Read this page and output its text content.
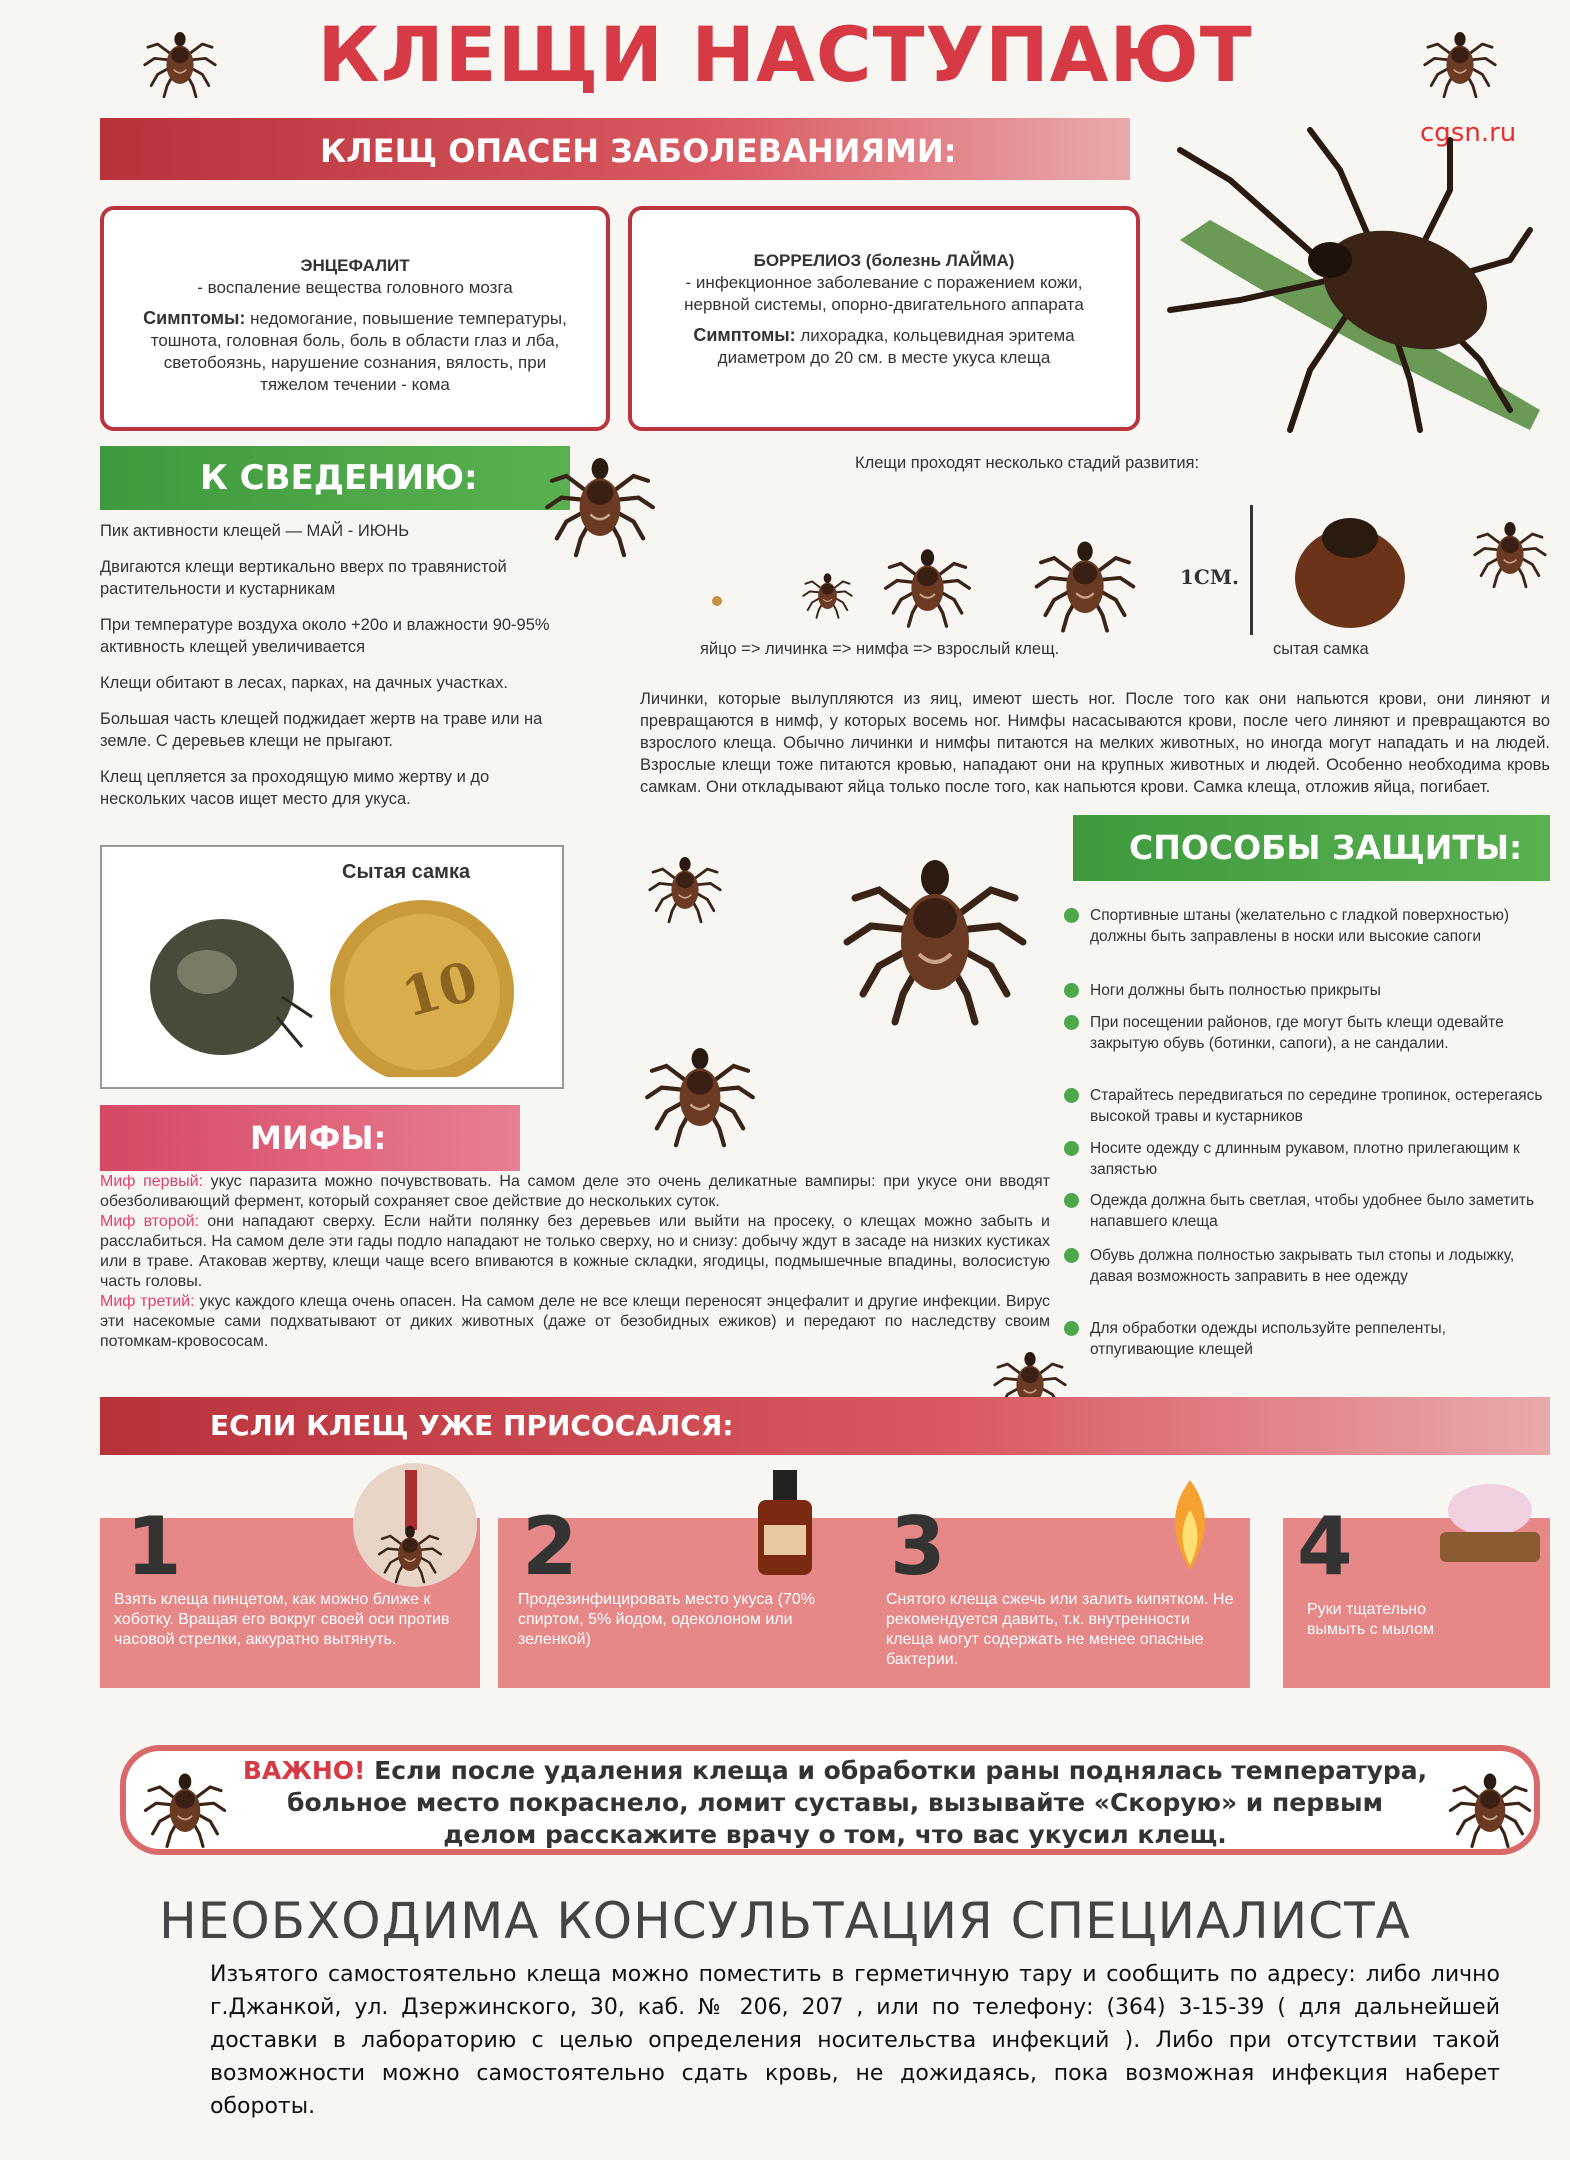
КЛЕЩИ НАСТУПАЮТ
cgsn.ru
КЛЕЩ ОПАСЕН ЗАБОЛЕВАНИЯМИ:
ЭНЦЕФАЛИТ
- воспаление вещества головного мозга
Симптомы: недомогание, повышение температуры, тошнота, головная боль, боль в области глаз и лба, светобоязнь, нарушение сознания, вялость, при тяжелом течении - кома
БОРРЕЛИОЗ (болезнь ЛАЙМА)
- инфекционное заболевание с поражением кожи, нервной системы, опорно-двигательного аппарата
Симптомы: лихорадка, кольцевидная эритема диаметром до 20 см. в месте укуса клеща
К СВЕДЕНИЮ:
Пик активности клещей — МАЙ - ИЮНЬ
Двигаются клещи вертикально вверх по травянистой растительности и кустарникам
При температуре воздуха около +20о и влажности 90-95% активность клещей увеличивается
Клещи обитают в лесах, парках, на дачных участках.
Большая часть клещей поджидает жертв на траве или на земле. С деревьев клещи не прыгают.
Клещ цепляется за проходящую мимо жертву и до нескольких часов ищет место для укуса.
Сытая самка
10
Клещи проходят несколько стадий развития:
1СМ.
яйцо => личинка => нимфа => взрослый клещ.	сытая самка
Личинки, которые вылупляются из яиц, имеют шесть ног. После того как они напьются крови, они линяют и превращаются в нимф, у которых восемь ног. Нимфы насасываются крови, после чего линяют и превращаются во взрослого клеща. Обычно личинки и нимфы питаются на мелких животных, но иногда могут нападать и на людей. Взрослые клещи тоже питаются кровью, нападают они на крупных животных и людей. Особенно необходима кровь самкам. Они откладывают яйца только после того, как напьются крови. Самка клеща, отложив яйца, погибает.
СПОСОБЫ ЗАЩИТЫ:
Спортивные штаны (желательно с гладкой поверхностью) должны быть заправлены в носки или высокие сапоги
Ноги должны быть полностью прикрыты
При посещении районов, где могут быть клещи одевайте закрытую обувь (ботинки, сапоги), а не сандалии.
Старайтесь передвигаться по середине тропинок, остерегаясь высокой травы и кустарников
Носите одежду с длинным рукавом, плотно прилегающим к запястью
Одежда должна быть светлая, чтобы удобнее было заметить напавшего клеща
Обувь должна полностью закрывать тыл стопы и лодыжку, давая возможность заправить в нее одежду
Для обработки одежды используйте реппеленты, отпугивающие клещей
МИФЫ:
Миф первый: укус паразита можно почувствовать. На самом деле это очень деликатные вампиры: при укусе они вводят обезболивающий фермент, который сохраняет свое действие до нескольких суток.
Миф второй: они нападают сверху. Если найти полянку без деревьев или выйти на просеку, о клещах можно забыть и расслабиться. На самом деле эти гады подло нападают не только сверху, но и снизу: добычу ждут в засаде на низких кустиках или в траве. Атаковав жертву, клещи чаще всего впиваются в кожные складки, ягодицы, подмышечные впадины, волосистую часть головы.
Миф третий: укус каждого клеща очень опасен. На самом деле не все клещи переносят энцефалит и другие инфекции. Вирус эти насекомые сами подхватывают от диких животных (даже от безобидных ежиков) и передают по наследству своим потомкам-кровососам.
ЕСЛИ КЛЕЩ УЖЕ ПРИСОСАЛСЯ:
1
Взять клеща пинцетом, как можно ближе к хоботку. Вращая его вокруг своей оси против часовой стрелки, аккуратно вытянуть.
2
Продезинфицировать место укуса (70% спиртом, 5% йодом, одеколоном или зеленкой)
3
Снятого клеща сжечь или залить кипятком. Не рекомендуется давить, т.к. внутренности клеща могут содержать не менее опасные бактерии.
4
Руки тщательно вымыть с мылом
ВАЖНО! Если после удаления клеща и обработки раны поднялась температура, больное место покраснело, ломит суставы, вызывайте «Скорую» и первым делом расскажите врачу о том, что вас укусил клещ.
НЕОБХОДИМА КОНСУЛЬТАЦИЯ СПЕЦИАЛИСТА
Изъятого самостоятельно клеща можно поместить в герметичную тару и сообщить по адресу: либо лично г.Джанкой, ул. Дзержинского, 30, каб. № 206, 207 , или по телефону: (364) 3-15-39 ( для дальнейшей доставки в лабораторию с целью определения носительства инфекций ). Либо при отсутствии такой возможности можно самостоятельно сдать кровь, не дожидаясь, пока возможная инфекция наберет обороты.
